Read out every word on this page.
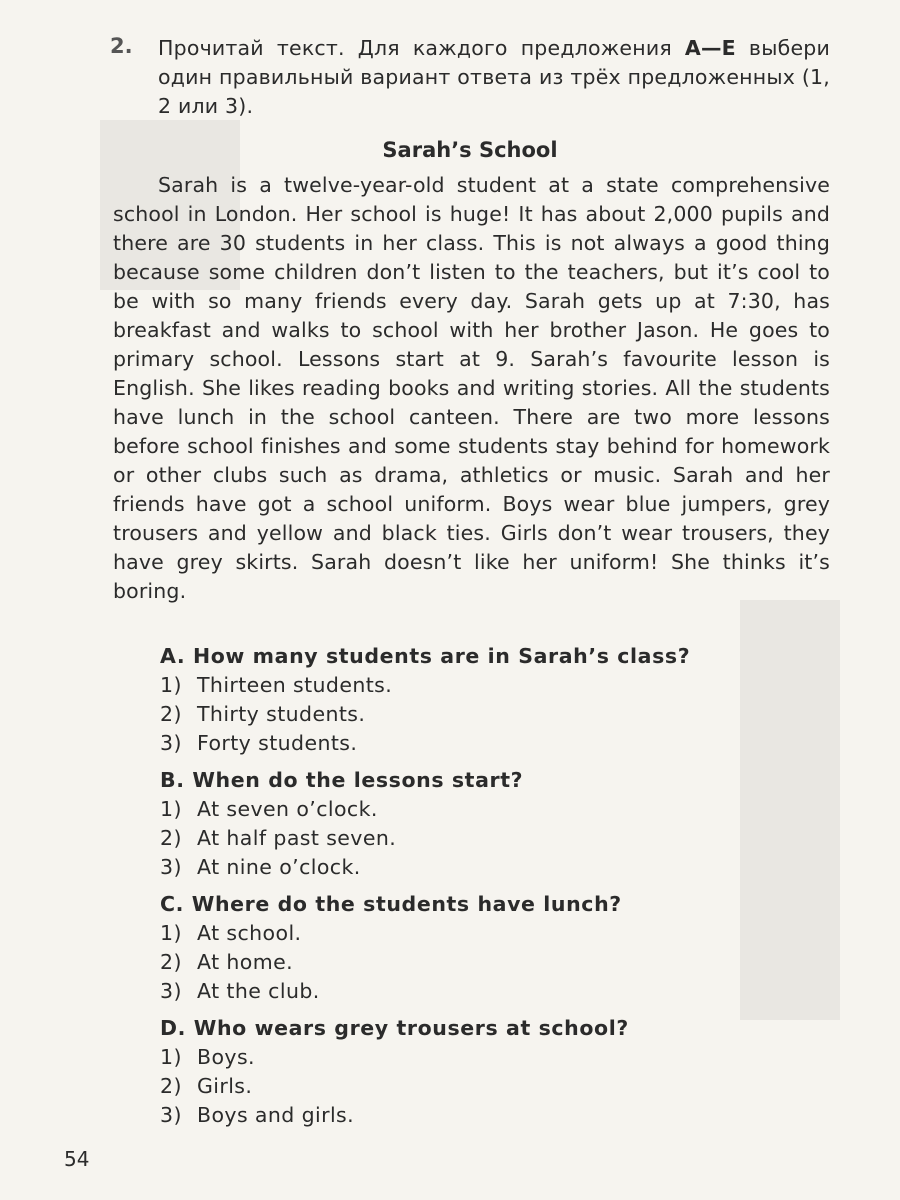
2. Прочитай текст. Для каждого предложения A—E выбери один правильный вариант ответа из трёх предложенных (1, 2 или 3).
Sarah’s School
Sarah is a twelve-year-old student at a state comprehensive school in London. Her school is huge! It has about 2,000 pupils and there are 30 students in her class. This is not always a good thing because some children don’t listen to the teachers, but it’s cool to be with so many friends every day. Sarah gets up at 7:30, has breakfast and walks to school with her brother Jason. He goes to primary school. Lessons start at 9. Sarah’s favourite lesson is English. She likes reading books and writing stories. All the students have lunch in the school canteen. There are two more lessons before school finishes and some students stay behind for homework or other clubs such as drama, athletics or music. Sarah and her friends have got a school uniform. Boys wear blue jumpers, grey trousers and yellow and black ties. Girls don’t wear trousers, they have grey skirts. Sarah doesn’t like her uniform! She thinks it’s boring.
A. How many students are in Sarah’s class?
1) Thirteen students.
2) Thirty students.
3) Forty students.
B. When do the lessons start?
1) At seven o’clock.
2) At half past seven.
3) At nine o’clock.
C. Where do the students have lunch?
1) At school.
2) At home.
3) At the club.
D. Who wears grey trousers at school?
1) Boys.
2) Girls.
3) Boys and girls.
54
